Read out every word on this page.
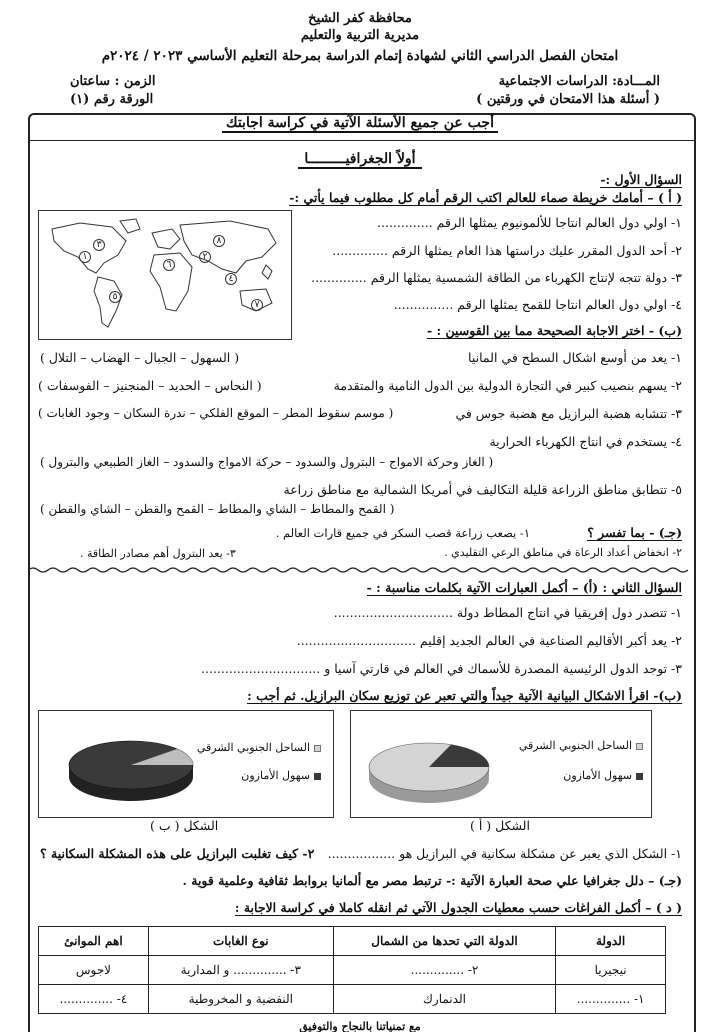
محافظة كفر الشيخ
مديرية التربية والتعليم
امتحان الفصل الدراسي الثاني لشهادة إتمام الدراسة بمرحلة التعليم الأساسي ٢٠٢٣ / ٢٠٢٤م
المـــادة: الدراسات الاجتماعية
الزمن : ساعتان
( أسئلة هذا الامتحان في ورقتين )
الورقة رقم (١)
أجب عن جميع الأسئلة الآتية في كراسة اجابتك
أولاً الجغرافيـــــــــا
السؤال الأول :-
( أ ) – أمامك خريطة صماء للعالم اكتب الرقم أمام كل مطلوب فيما يأتي :-
١- اولي دول العالم انتاجا للألمونيوم يمثلها الرقم ..............
٢- أحد الدول المقرر عليك دراستها هذا العام يمثلها الرقم ..............
٣- دولة تتجه لإنتاج الكهرباء من الطاقة الشمسية يمثلها الرقم ..............
٤- اولي دول العالم انتاجا للقمح يمثلها الرقم ...............
٨
٣
١	٢
٦
٤
٥
٧
(ب) - اختر الاجابة الصحيحة مما بين القوسين : -
١- يعد من أوسع اشكال السطح في المانيا
( السهول – الجبال – الهضاب – التلال )
٢- يسهم بنصيب كبير في التجارة الدولية بين الدول النامية والمتقدمة
( النحاس – الحديد – المنجنيز – الفوسفات )
٣- تتشابه هضبة البرازيل مع هضبة جوس في
( موسم سقوط المطر – الموقع الفلكي – ندرة السكان – وجود الغابات )
٤- يستخدم في انتاج الكهرباء الحرارية
( الغاز وحركة الامواج – البترول والسدود – حركة الامواج والسدود – الغاز الطبيعي والبترول )
٥- تتطابق مناطق الزراعة قليلة التكاليف في أمريكا الشمالية مع مناطق زراعة
( القمح والمطاط – الشاي والمطاط – القمح والقطن – الشاي والقطن )
(جـ) - بما تفسر ؟
١- يصعب زراعة قصب السكر في جميع قارات العالم .
٢- انخفاض أعداد الرعاة في مناطق الرعي التقليدي .
٣- يعد البترول أهم مصادر الطاقة .
السؤال الثاني : (أ) – أكمل العبارات الآتية بكلمات مناسبة : -
١- تتصدر دول إفريقيا في انتاج المطاط دولة ..............................
٢- يعد أكبر الأقاليم الصناعية في العالم الجديد إقليم ..............................
٣- توجد الدول الرئيسية المصدرة للأسماك في العالم في قارتي آسيا و ..............................
(ب)- اقرأ الاشكال البيانية الآتية جيداً والتي تعبر عن توزيع سكان البرازيل. ثم أجب :
الساحل الجنوبي الشرقي
سهول الأمازون
الساحل الجنوبي الشرقي
سهول الأمازون
الشكل ( أ )
الشكل ( ب )
١- الشكل الذي يعبر عن مشكلة سكانية في البرازيل هو .................
٢- كيف تغلبت البرازيل على هذه المشكلة السكانية ؟
(جـ) – دلل جغرافيا علي صحة العبارة الآتية :- ترتبط مصر مع ألمانيا بروابط ثقافية وعلمية قوية .
( د ) – أكمل الفراغات حسب معطيات الجدول الآتي ثم انقله كاملا في كراسة الاجابة :
الدولة	الدولة التي تحدها من الشمال	نوع الغابات	اهم الموانئ
نيجيريا	٢- ..............	٣- .............. و المدارية	لاجوس
١- ..............	الدنمارك	النفضية و المخروطية	٤- ..............
مع تمنياتنا بالنجاح والتوفيق
